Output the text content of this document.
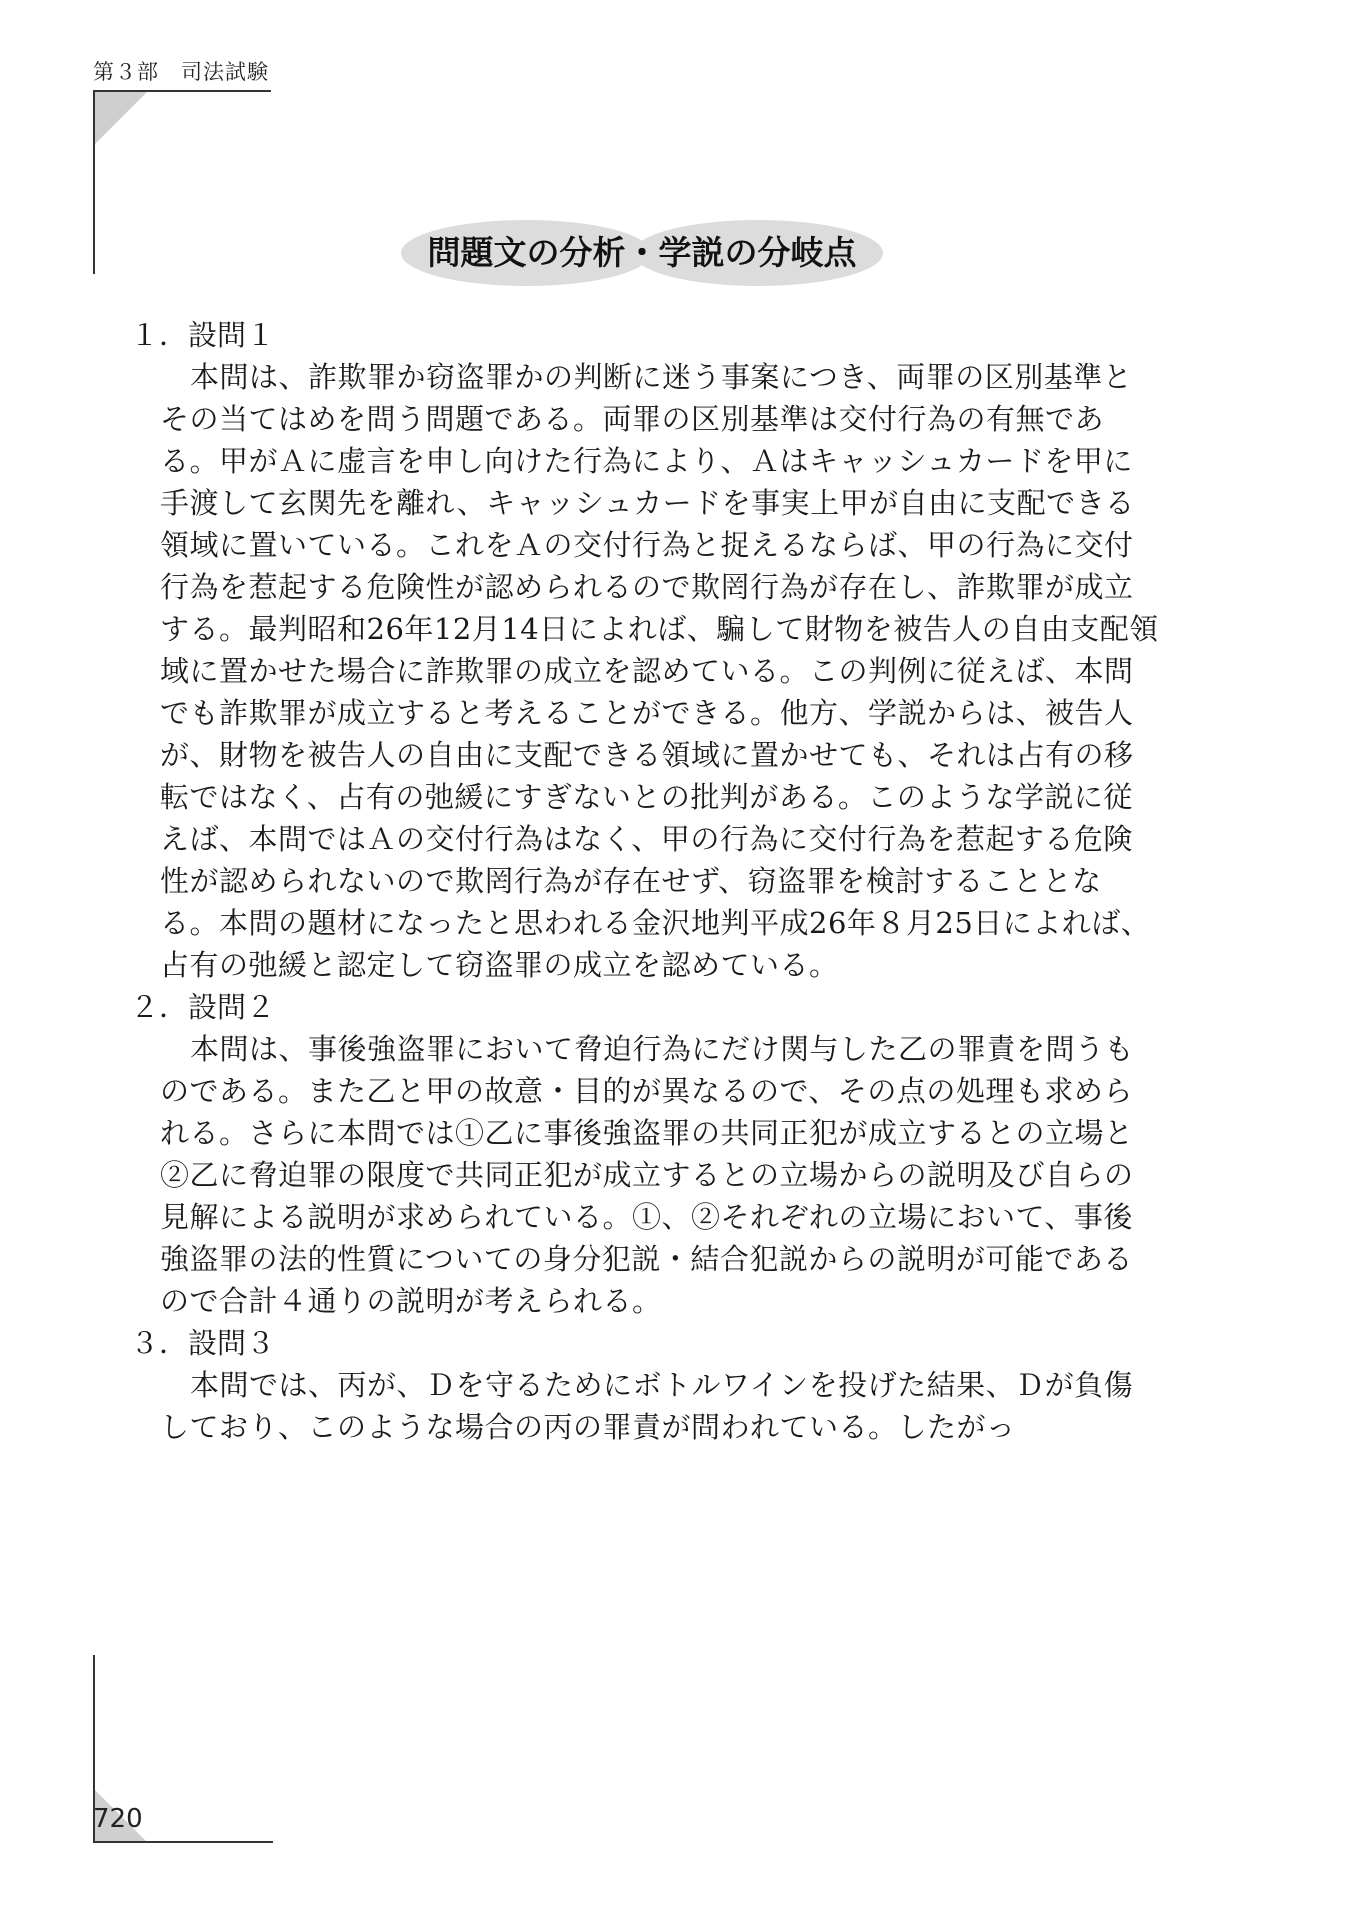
第３部　司法試験
問題文の分析・学説の分岐点

１．設問１

本問は、詐欺罪か窃盗罪かの判断に迷う事案につき、両罪の区別基準とその当てはめを問う問題である。両罪の区別基準は交付行為の有無である。甲がＡに虚言を申し向けた行為により、Ａはキャッシュカードを甲に手渡して玄関先を離れ、キャッシュカードを事実上甲が自由に支配できる領域に置いている。これをＡの交付行為と捉えるならば、甲の行為に交付行為を惹起する危険性が認められるので欺罔行為が存在し、詐欺罪が成立する。最判昭和26年12月14日によれば、騙して財物を被告人の自由支配領域に置かせた場合に詐欺罪の成立を認めている。この判例に従えば、本問でも詐欺罪が成立すると考えることができる。他方、学説からは、被告人が、財物を被告人の自由に支配できる領域に置かせても、それは占有の移転ではなく、占有の弛緩にすぎないとの批判がある。このような学説に従えば、本問ではＡの交付行為はなく、甲の行為に交付行為を惹起する危険性が認められないので欺罔行為が存在せず、窃盗罪を検討することとなる。本問の題材になったと思われる金沢地判平成26年８月25日によれば、占有の弛緩と認定して窃盗罪の成立を認めている。

２．設問２

本問は、事後強盗罪において脅迫行為にだけ関与した乙の罪責を問うものである。また乙と甲の故意・目的が異なるので、その点の処理も求められる。さらに本問では①乙に事後強盗罪の共同正犯が成立するとの立場と②乙に脅迫罪の限度で共同正犯が成立するとの立場からの説明及び自らの見解による説明が求められている。①、②それぞれの立場において、事後強盗罪の法的性質についての身分犯説・結合犯説からの説明が可能であるので合計４通りの説明が考えられる。

３．設問３

本問では、丙が、Ｄを守るためにボトルワインを投げた結果、Ｄが負傷しており、このような場合の丙の罪責が問われている。したがっ

720
